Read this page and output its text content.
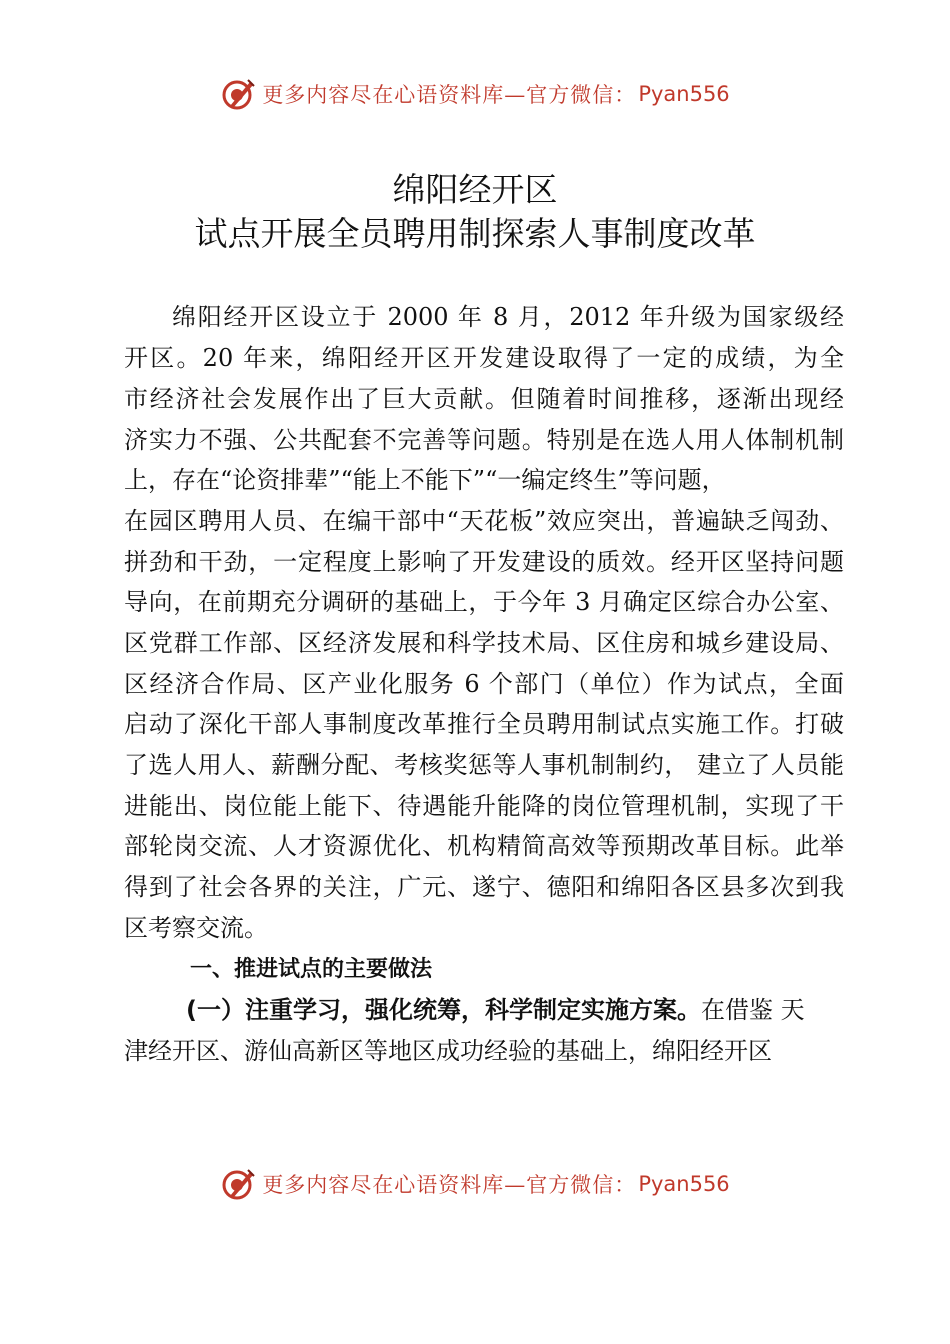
更多内容尽在心语资料库—官方微信： Pyan556
绵阳经开区
试点开展全员聘用制探索人事制度改革
绵阳经开区设立于 2000 年 8 月，2012 年升级为国家级经
开区。20 年来，绵阳经开区开发建设取得了一定的成绩，为全
市经济社会发展作出了巨大贡献。但随着时间推移，逐渐出现经
济实力不强、公共配套不完善等问题。特别是在选人用人体制机制
上，存在“论资排辈”“能上不能下”“一编定终生”等问题，
在园区聘用人员、在编干部中“天花板”效应突出，普遍缺乏闯劲、
拼劲和干劲，一定程度上影响了开发建设的质效。经开区坚持问题
导向，在前期充分调研的基础上，于今年 3 月确定区综合办公室、
区党群工作部、区经济发展和科学技术局、区住房和城乡建设局、
区经济合作局、区产业化服务 6 个部门（单位）作为试点，全面
启动了深化干部人事制度改革推行全员聘用制试点实施工作。打破
了选人用人、薪酬分配、考核奖惩等人事机制制约， 建立了人员能
进能出、岗位能上能下、待遇能升能降的岗位管理机制，实现了干
部轮岗交流、人才资源优化、机构精简高效等预期改革目标。此举
得到了社会各界的关注，广元、遂宁、德阳和绵阳各区县多次到我
区考察交流。
一、推进试点的主要做法
(一）注重学习，强化统筹，科学制定实施方案。在借鉴 天
津经开区、游仙高新区等地区成功经验的基础上，绵阳经开区
更多内容尽在心语资料库—官方微信： Pyan556
